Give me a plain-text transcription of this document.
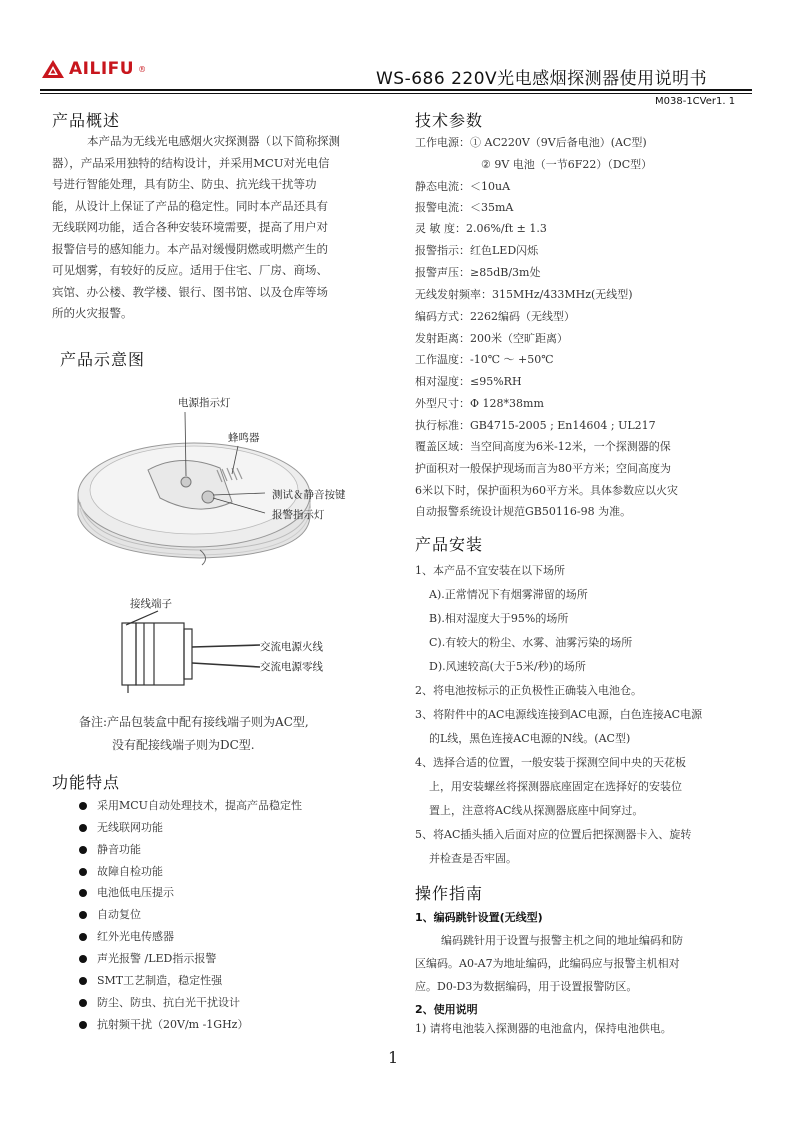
AILIFU ®	WS-686 220V光电感烟探测器使用说明书
M038-1CVer1. 1
产品概述
本产品为无线光电感烟火灾探测器（以下简称探测
器），产品采用独特的结构设计，并采用MCU对光电信
号进行智能处理，具有防尘、防虫、抗光线干扰等功
能，从设计上保证了产品的稳定性。同时本产品还具有
无线联网功能，适合各种安装环境需要，提高了用户对
报警信号的感知能力。本产品对缓慢阴燃或明燃产生的
可见烟雾，有较好的反应。适用于住宅、厂房、商场、
宾馆、办公楼、教学楼、银行、图书馆、以及仓库等场
所的火灾报警。
产品示意图
电源指示灯
蜂鸣器
测试＆静音按键
报警指示灯
接线端子
交流电源火线
交流电源零线
备注:产品包装盒中配有接线端子则为AC型,
没有配接线端子则为DC型.
功能特点
采用MCU自动处理技术，提高产品稳定性
无线联网功能
静音功能
故障自检功能
电池低电压提示
自动复位
红外光电传感器
声光报警 /LED指示报警
SMT工艺制造，稳定性强
防尘、防虫、抗白光干扰设计
抗射频干扰（20V/m -1GHz）
技术参数
工作电源：① AC220V（9V后备电池）(AC型)
② 9V 电池（一节6F22）（DC型）
静态电流：＜10uA
报警电流：＜35mA
灵 敏 度：2.06%/ft ± 1.3
报警指示：红色LED闪烁
报警声压：≥85dB/3m处
无线发射频率：315MHz/433MHz(无线型)
编码方式：2262编码（无线型）
发射距离：200米（空旷距离）
工作温度：-10℃ ～ +50℃
相对湿度：≤95%RH
外型尺寸：Φ 128*38mm
执行标准：GB4715-2005 ; En14604 ; UL217
覆盖区域：当空间高度为6米-12米，一个探测器的保
护面积对一般保护现场而言为80平方米；空间高度为
6米以下时，保护面积为60平方米。具体参数应以火灾
自动报警系统设计规范GB50116-98 为准。
产品安装
1、本产品不宜安装在以下场所
A).正常情况下有烟雾滞留的场所
B).相对湿度大于95%的场所
C).有较大的粉尘、水雾、油雾污染的场所
D).风速较高(大于5米/秒)的场所
2、将电池按标示的正负极性正确装入电池仓。
3、将附件中的AC电源线连接到AC电源，白色连接AC电源
的L线，黑色连接AC电源的N线。(AC型)
4、选择合适的位置，一般安装于探测空间中央的天花板
上，用安装螺丝将探测器底座固定在选择好的安装位
置上，注意将AC线从探测器底座中间穿过。
5、将AC插头插入后面对应的位置后把探测器卡入、旋转
并检查是否牢固。
操作指南
1、编码跳针设置(无线型)
编码跳针用于设置与报警主机之间的地址编码和防
区编码。A0-A7为地址编码，此编码应与报警主机相对
应。D0-D3为数据编码，用于设置报警防区。
2、使用说明
1) 请将电池装入探测器的电池盒内，保持电池供电。
1
